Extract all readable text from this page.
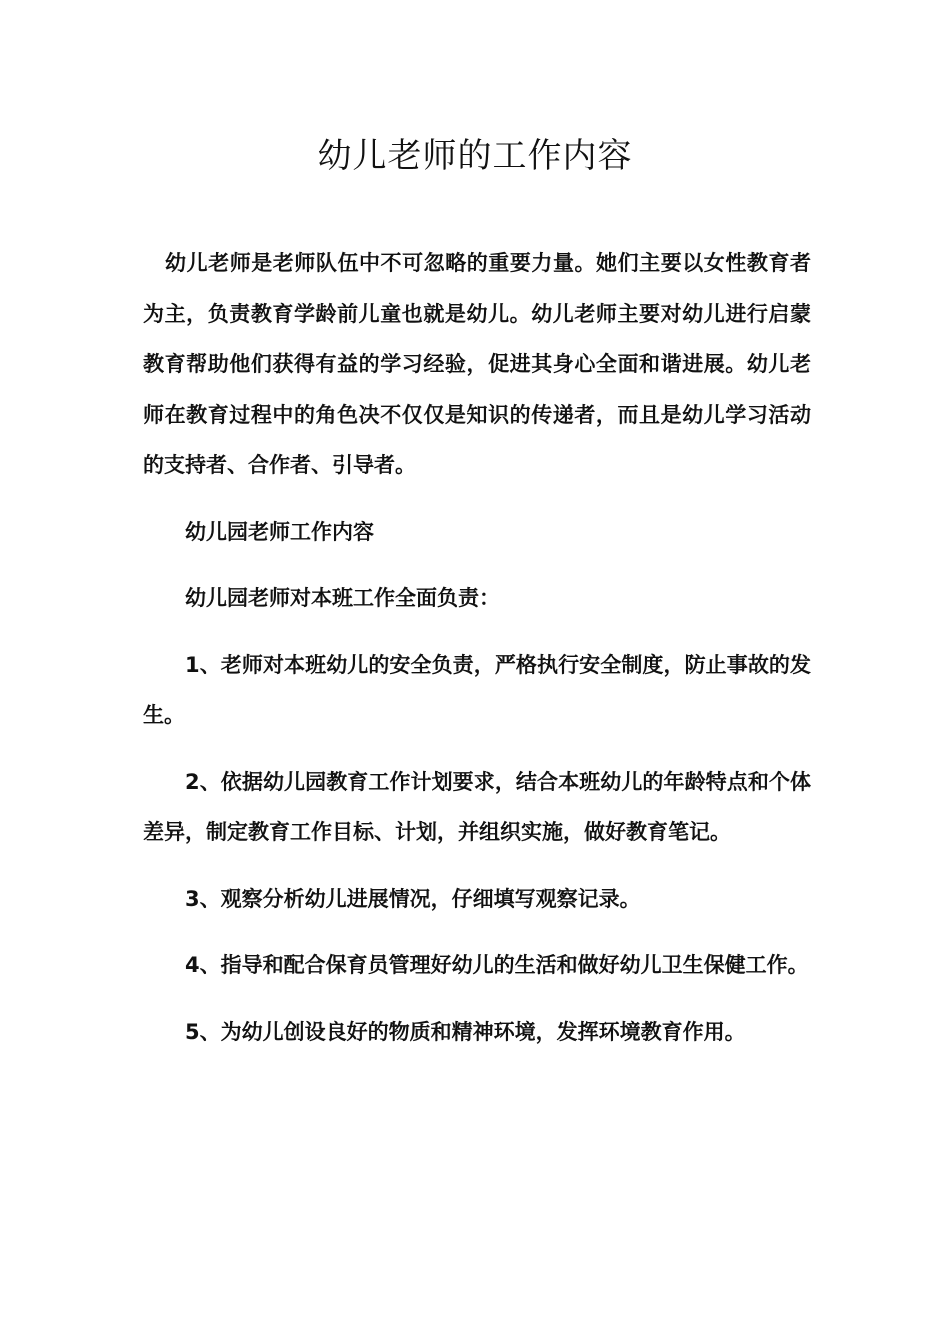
幼儿老师的工作内容

幼儿老师是老师队伍中不可忽略的重要力量。她们主要以女性教育者为主，负责教育学龄前儿童也就是幼儿。幼儿老师主要对幼儿进行启蒙教育帮助他们获得有益的学习经验，促进其身心全面和谐进展。幼儿老师在教育过程中的角色决不仅仅是知识的传递者，而且是幼儿学习活动的支持者、合作者、引导者。

幼儿园老师工作内容

幼儿园老师对本班工作全面负责：

1、老师对本班幼儿的安全负责，严格执行安全制度，防止事故的发生。

2、依据幼儿园教育工作计划要求，结合本班幼儿的年龄特点和个体差异，制定教育工作目标、计划，并组织实施，做好教育笔记。

3、观察分析幼儿进展情况，仔细填写观察记录。

4、指导和配合保育员管理好幼儿的生活和做好幼儿卫生保健工作。

5、为幼儿创设良好的物质和精神环境，发挥环境教育作用。
